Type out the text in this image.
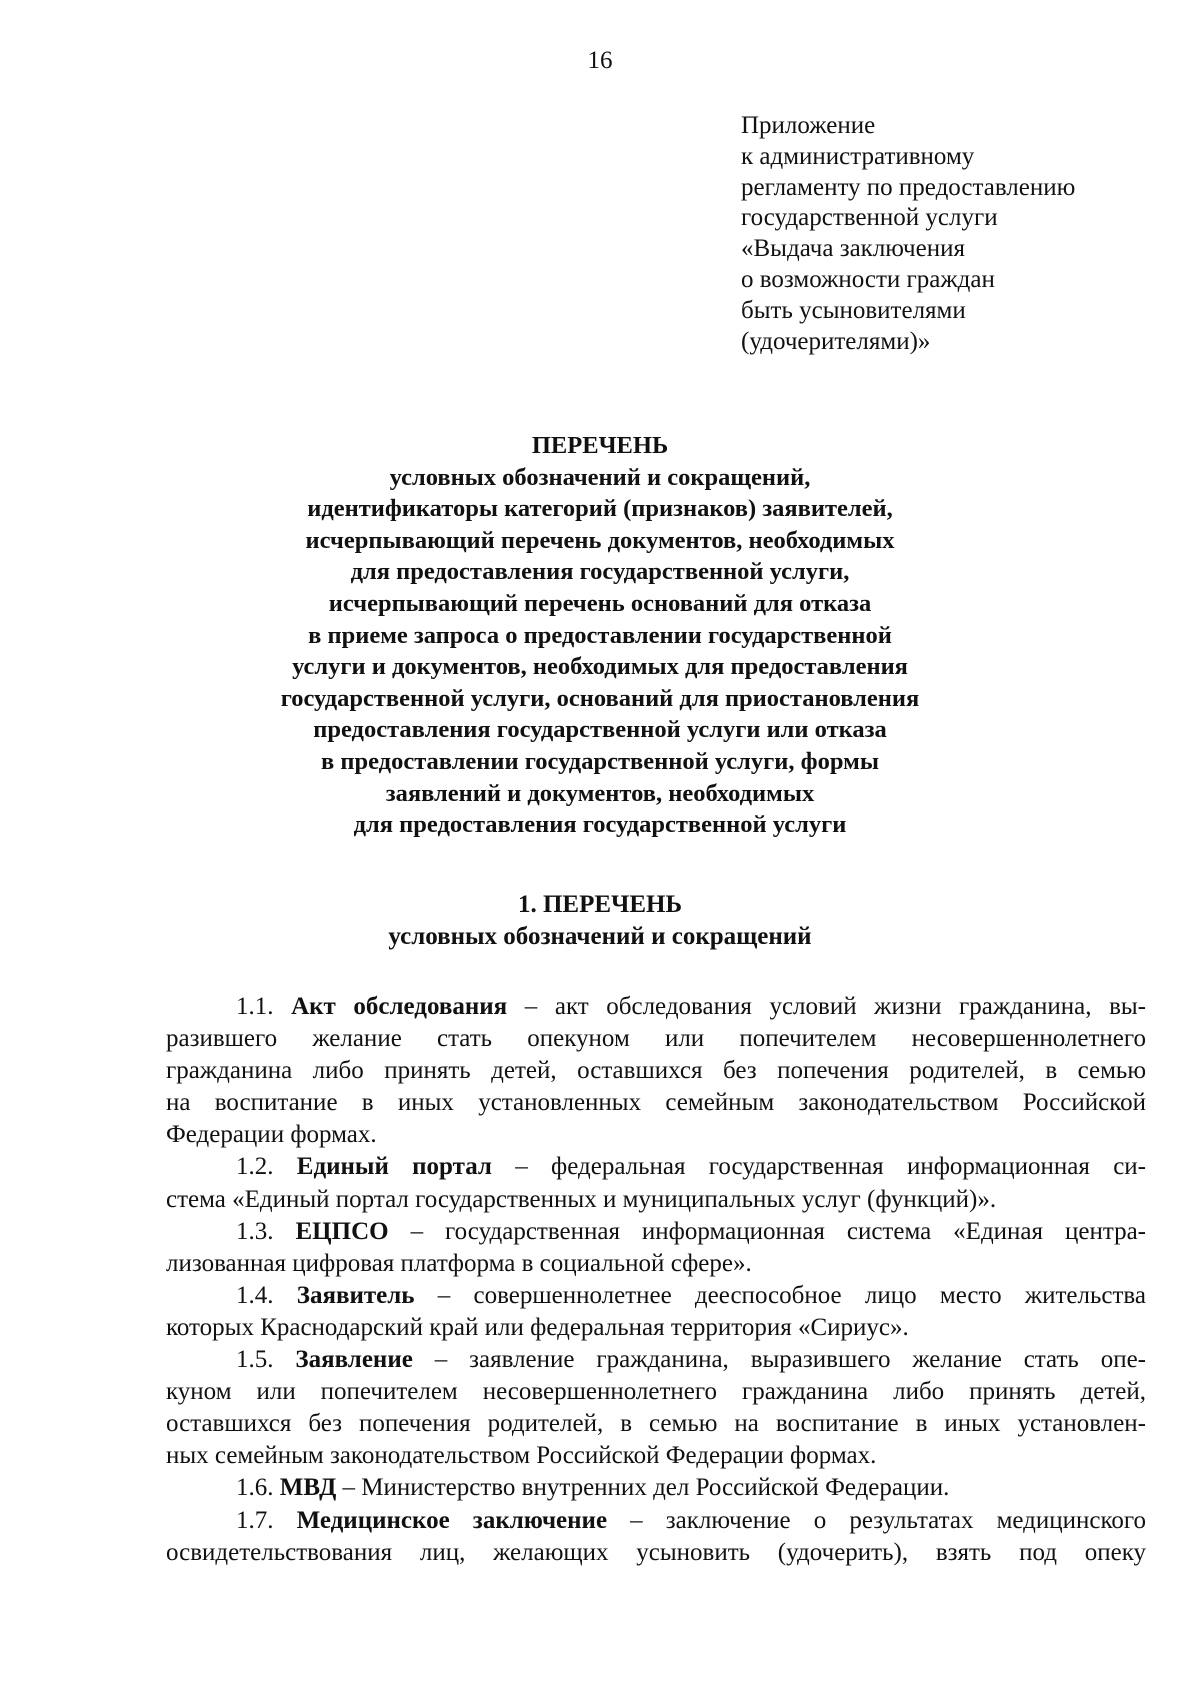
16
Приложение
к административному
регламенту по предоставлению
государственной услуги
«Выдача заключения
о возможности граждан
быть усыновителями
(удочерителями)»
ПЕРЕЧЕНЬ
условных обозначений и сокращений,
идентификаторы категорий (признаков) заявителей,
исчерпывающий перечень документов, необходимых
для предоставления государственной услуги,
исчерпывающий перечень оснований для отказа
в приеме запроса о предоставлении государственной
услуги и документов, необходимых для предоставления
государственной услуги, оснований для приостановления
предоставления государственной услуги или отказа
в предоставлении государственной услуги, формы
заявлений и документов, необходимых
для предоставления государственной услуги
1. ПЕРЕЧЕНЬ
условных обозначений и сокращений

1.1. Акт обследования – акт обследования условий жизни гражданина, вы-
разившего желание стать опекуном или попечителем несовершеннолетнего
гражданина либо принять детей, оставшихся без попечения родителей, в семью
на воспитание в иных установленных семейным законодательством Российской
Федерации формах.

1.2. Единый портал – федеральная государственная информационная си-
стема «Единый портал государственных и муниципальных услуг (функций)».

1.3. ЕЦПСО – государственная информационная система «Единая центра-
лизованная цифровая платформа в социальной сфере».

1.4. Заявитель – совершеннолетнее дееспособное лицо место жительства
которых Краснодарский край или федеральная территория «Сириус».

1.5. Заявление – заявление гражданина, выразившего желание стать опе-
куном или попечителем несовершеннолетнего гражданина либо принять детей,
оставшихся без попечения родителей, в семью на воспитание в иных установлен-
ных семейным законодательством Российской Федерации формах.

1.6. МВД – Министерство внутренних дел Российской Федерации.

1.7. Медицинское заключение – заключение о результатах медицинского
освидетельствования лиц, желающих усыновить (удочерить), взять под опеку
